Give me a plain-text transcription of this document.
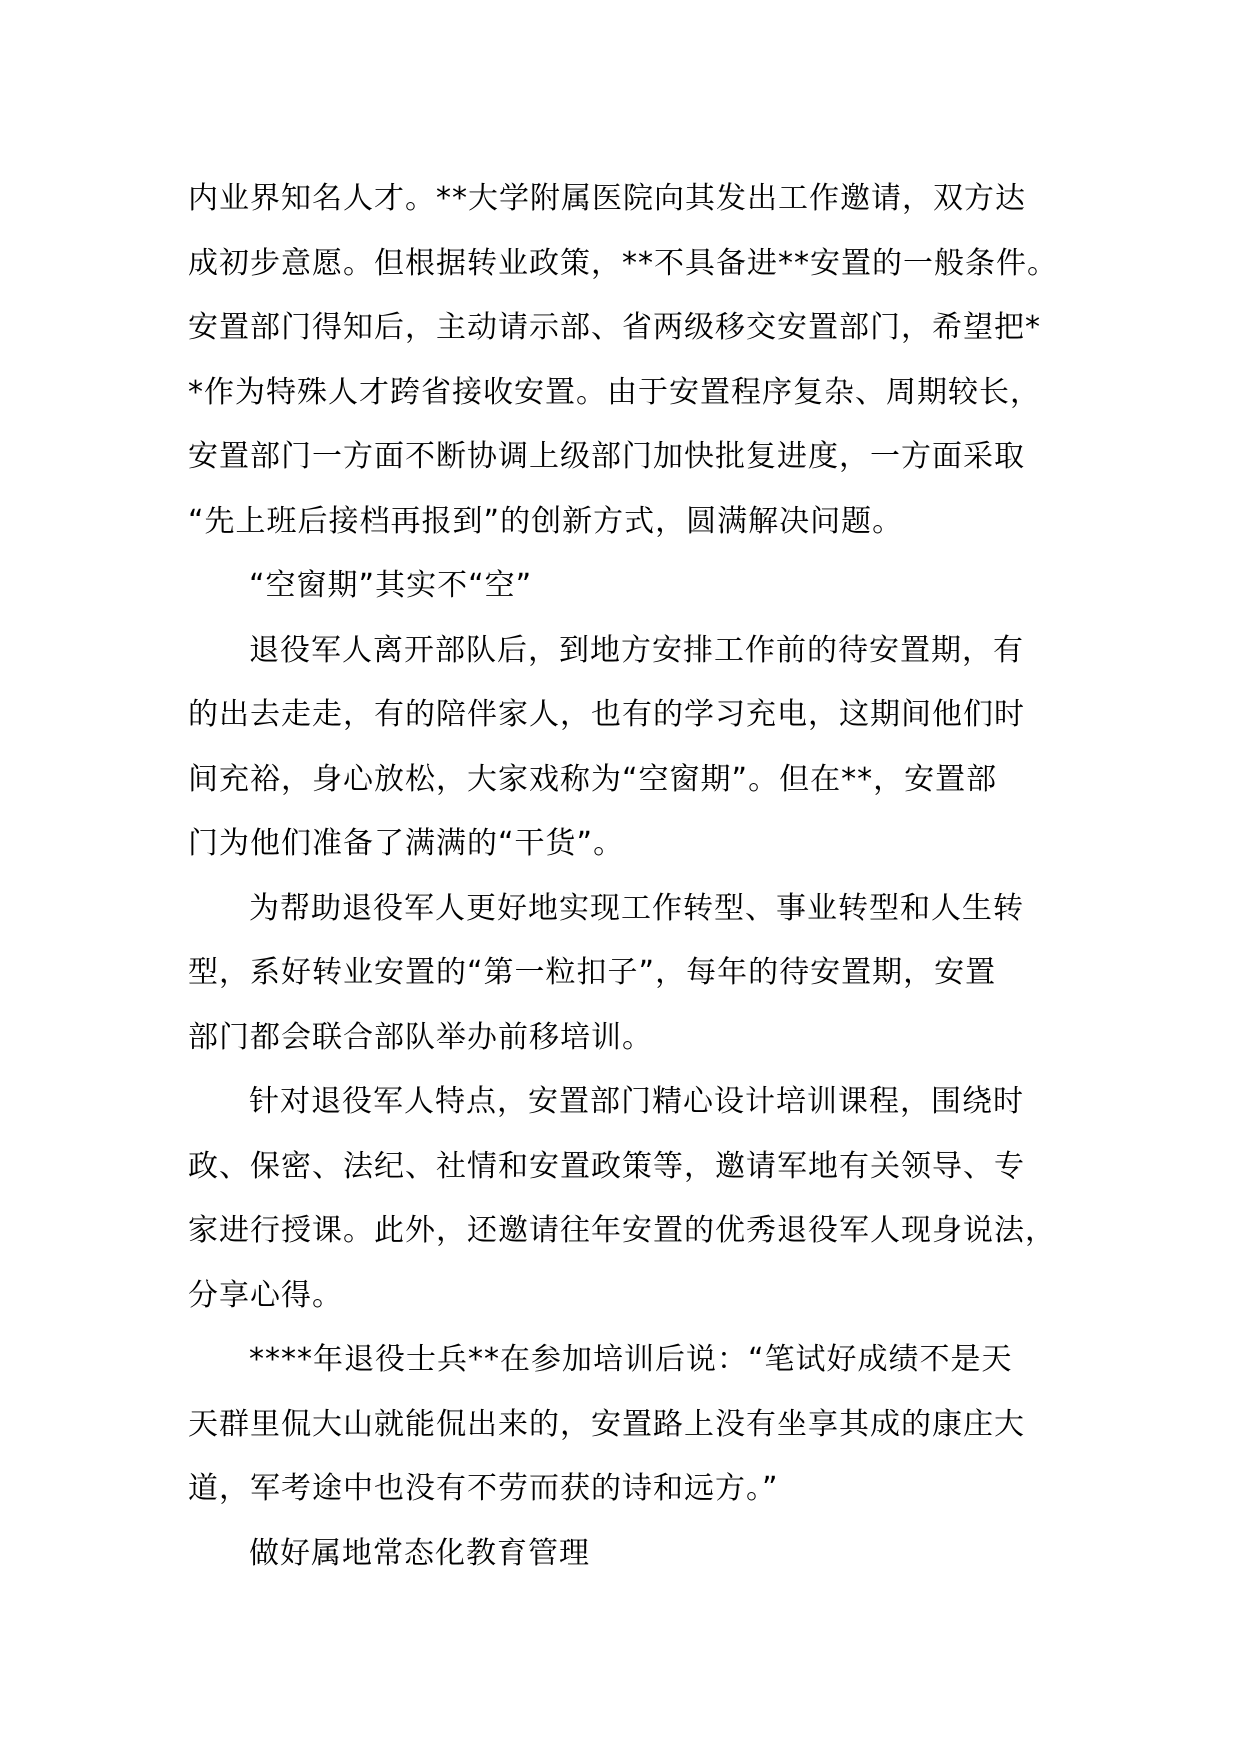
内业界知名人才。**大学附属医院向其发出工作邀请，双方达
成初步意愿。但根据转业政策，**不具备进**安置的一般条件。
安置部门得知后，主动请示部、省两级移交安置部门，希望把*
*作为特殊人才跨省接收安置。由于安置程序复杂、周期较长，
安置部门一方面不断协调上级部门加快批复进度，一方面采取
“先上班后接档再报到”的创新方式，圆满解决问题。
“空窗期”其实不“空”
退役军人离开部队后，到地方安排工作前的待安置期，有
的出去走走，有的陪伴家人，也有的学习充电，这期间他们时
间充裕，身心放松，大家戏称为“空窗期”。但在**，安置部
门为他们准备了满满的“干货”。
为帮助退役军人更好地实现工作转型、事业转型和人生转
型，系好转业安置的“第一粒扣子”，每年的待安置期，安置
部门都会联合部队举办前移培训。
针对退役军人特点，安置部门精心设计培训课程，围绕时
政、保密、法纪、社情和安置政策等，邀请军地有关领导、专
家进行授课。此外，还邀请往年安置的优秀退役军人现身说法，
分享心得。
****年退役士兵**在参加培训后说：“笔试好成绩不是天
天群里侃大山就能侃出来的，安置路上没有坐享其成的康庄大
道，军考途中也没有不劳而获的诗和远方。”
做好属地常态化教育管理
